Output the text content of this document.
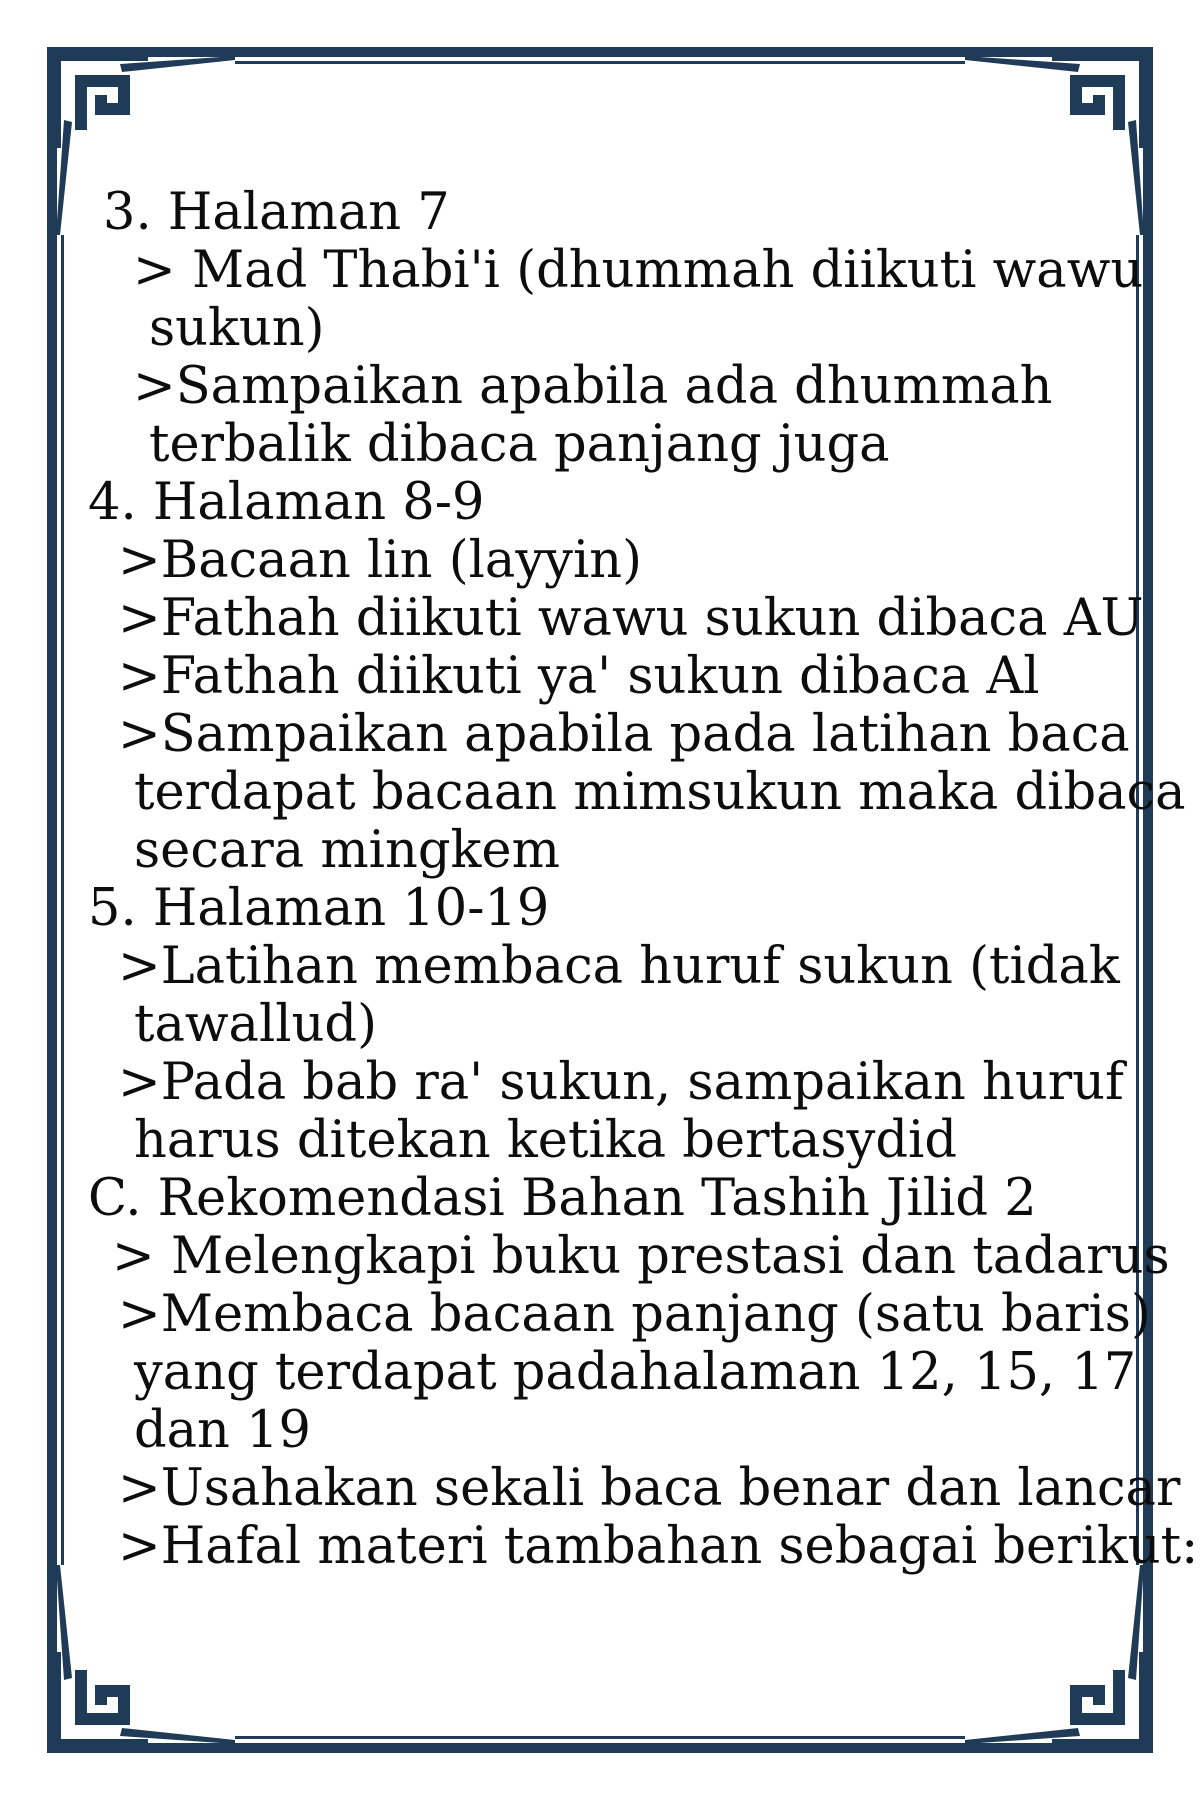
3. Halaman 7
> Mad Thabi'i (dhummah diikuti wawu
sukun)
>Sampaikan apabila ada dhummah
terbalik dibaca panjang juga
4. Halaman 8-9
>Bacaan lin (layyin)
>Fathah diikuti wawu sukun dibaca AU
>Fathah diikuti ya' sukun dibaca Al
>Sampaikan apabila pada latihan baca
terdapat bacaan mimsukun maka dibaca
secara mingkem
5. Halaman 10-19
>Latihan membaca huruf sukun (tidak
tawallud)
>Pada bab ra' sukun, sampaikan huruf
harus ditekan ketika bertasydid
C. Rekomendasi Bahan Tashih Jilid 2
> Melengkapi buku prestasi dan tadarus
>Membaca bacaan panjang (satu baris)
yang terdapat padahalaman 12, 15, 17
dan 19
>Usahakan sekali baca benar dan lancar
>Hafal materi tambahan sebagai berikut:
